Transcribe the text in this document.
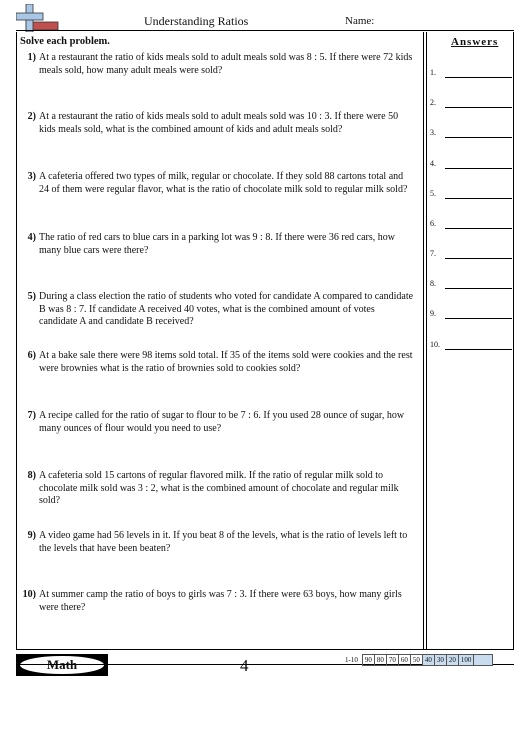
Understanding Ratios	Name:
Solve each problem.	Answers
1) At a restaurant the ratio of kids meals sold to adult meals sold was 8 : 5. If there were 72 kids meals sold, how many adult meals were sold?
2) At a restaurant the ratio of kids meals sold to adult meals sold was 10 : 3. If there were 50 kids meals sold, what is the combined amount of kids and adult meals sold?
3) A cafeteria offered two types of milk, regular or chocolate. If they sold 88 cartons total and 24 of them were regular flavor, what is the ratio of chocolate milk sold to regular milk sold?
4) The ratio of red cars to blue cars in a parking lot was 9 : 8. If there were 36 red cars, how many blue cars were there?
5) During a class election the ratio of students who voted for candidate A compared to candidate B was 8 : 7. If candidate A received 40 votes, what is the combined amount of votes candidate A and candidate B received?
6) At a bake sale there were 98 items sold total. If 35 of the items sold were cookies and the rest were brownies what is the ratio of brownies sold to cookies sold?
7) A recipe called for the ratio of sugar to flour to be 7 : 6. If you used 28 ounce of sugar, how many ounces of flour would you need to use?
8) A cafeteria sold 15 cartons of regular flavored milk. If the ratio of regular milk sold to chocolate milk sold was 3 : 2, what is the combined amount of chocolate and regular milk sold?
9) A video game had 56 levels in it. If you beat 8 of the levels, what is the ratio of levels left to the levels that have been beaten?
10) At summer camp the ratio of boys to girls was 7 : 3. If there were 63 boys, how many girls were there?
1.
2.
3.
4.
5.
6.
7.
8.
9.
10.
Math	4	1-10	90	80	70	60	50	40	30	20	100	
